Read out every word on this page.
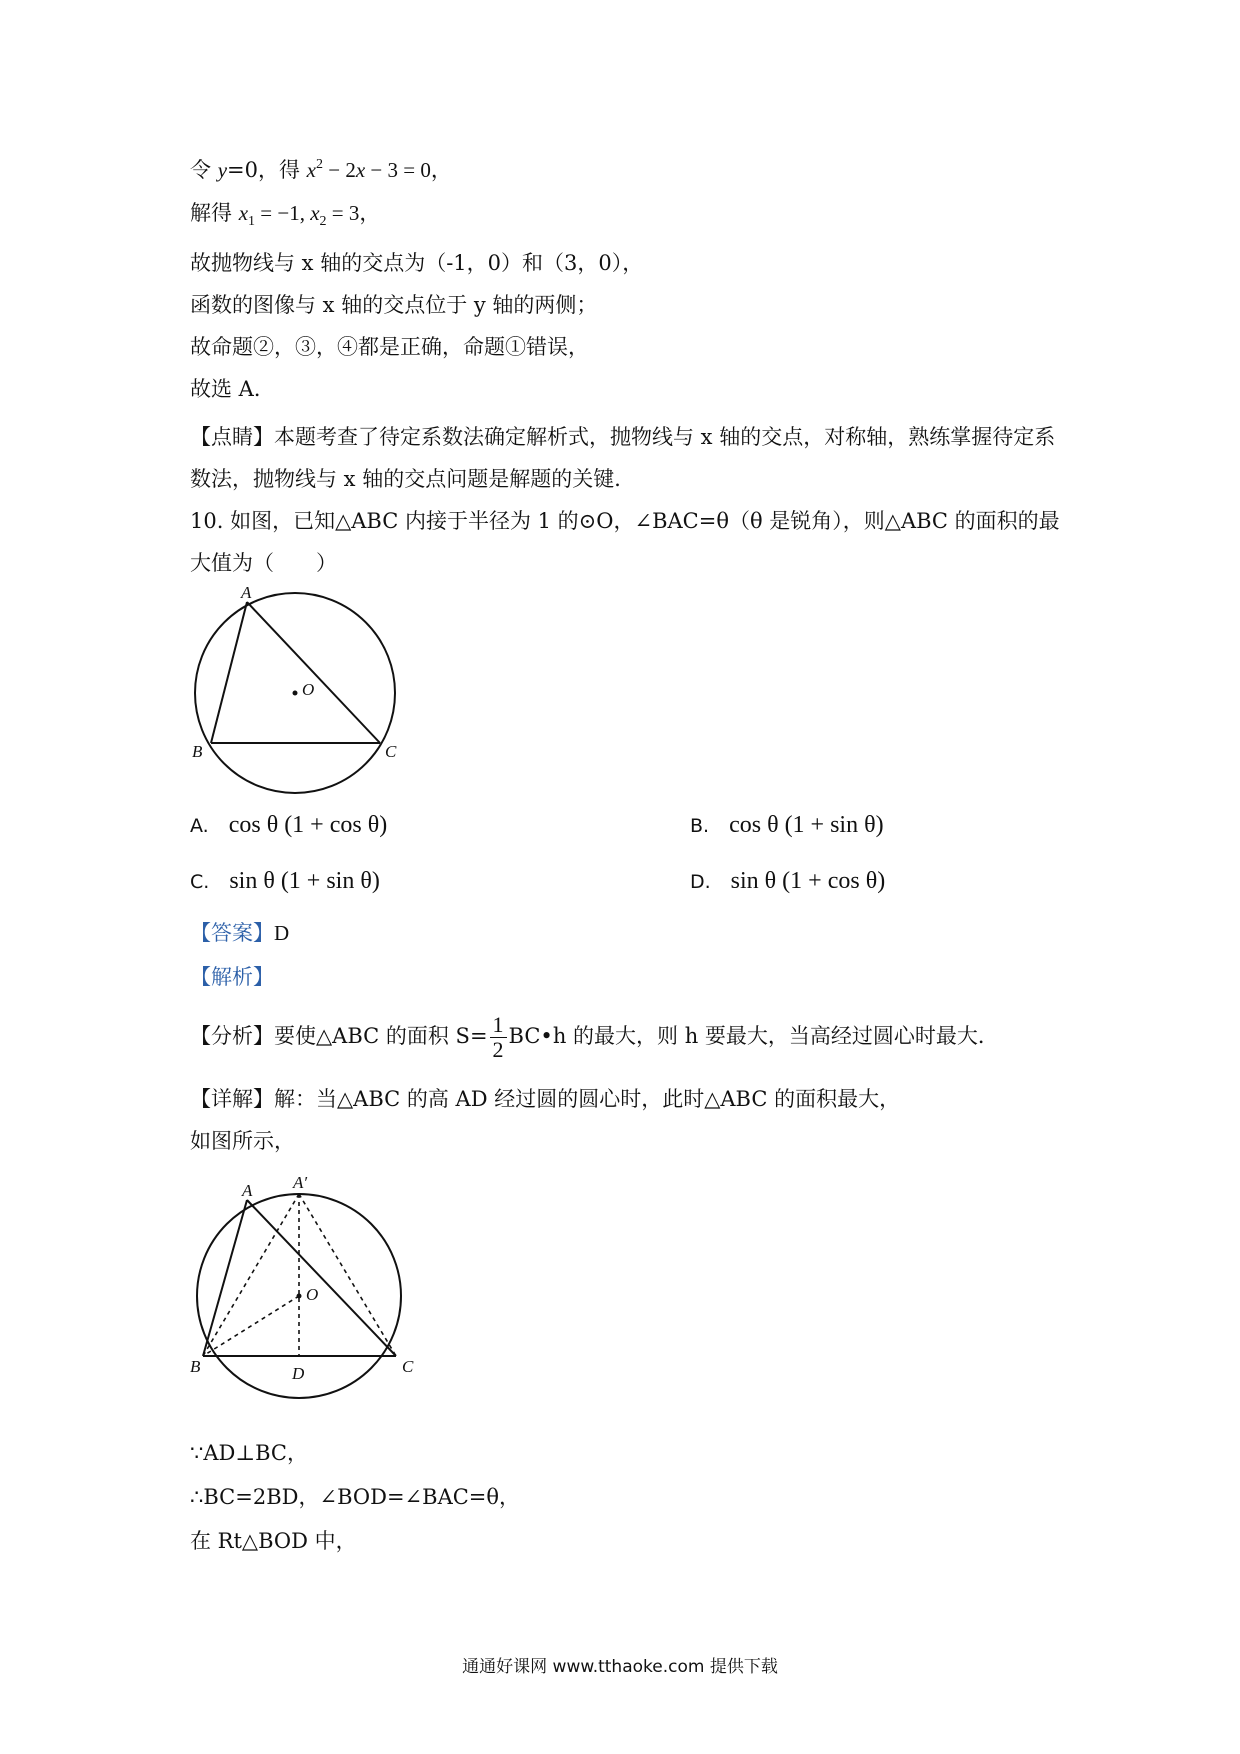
令 y=0，得 $x^2 - 2x - 3 = 0$，
解得 $x_1 = -1$, $x_2 = 3$，
故抛物线与 x 轴的交点为（-1，0）和（3，0），
函数的图像与 x 轴的交点位于 y 轴的两侧；
故命题②，③，④都是正确，命题①错误，
故选 A．
【点睛】本题考查了待定系数法确定解析式，抛物线与 x 轴的交点，对称轴，熟练掌握待定系数法，抛物线与 x 轴的交点问题是解题的关键．
10. 如图，已知△ABC 内接于半径为 1 的⊙O，∠BAC=θ（θ 是锐角），则△ABC 的面积的最大值为（　　）
A
B	C
O
A. cos θ (1 + cos θ)	B. cos θ (1 + sin θ)
C. sin θ (1 + sin θ)	D. sin θ (1 + cos θ)
【答案】D
【解析】
【分析】要使△ABC 的面积 $S= \frac{1}{2}$ BC•h 的最大，则 h 要最大，当高经过圆心时最大．
【详解】解：当△ABC 的高 AD 经过圆的圆心时，此时△ABC 的面积最大，
如图所示，
A A′
B	C
O
D
∵AD⊥BC，
∴BC=2BD，∠BOD=∠BAC=θ，
在 Rt△BOD 中，
通通好课网 www.tthaoke.com 提供下载
